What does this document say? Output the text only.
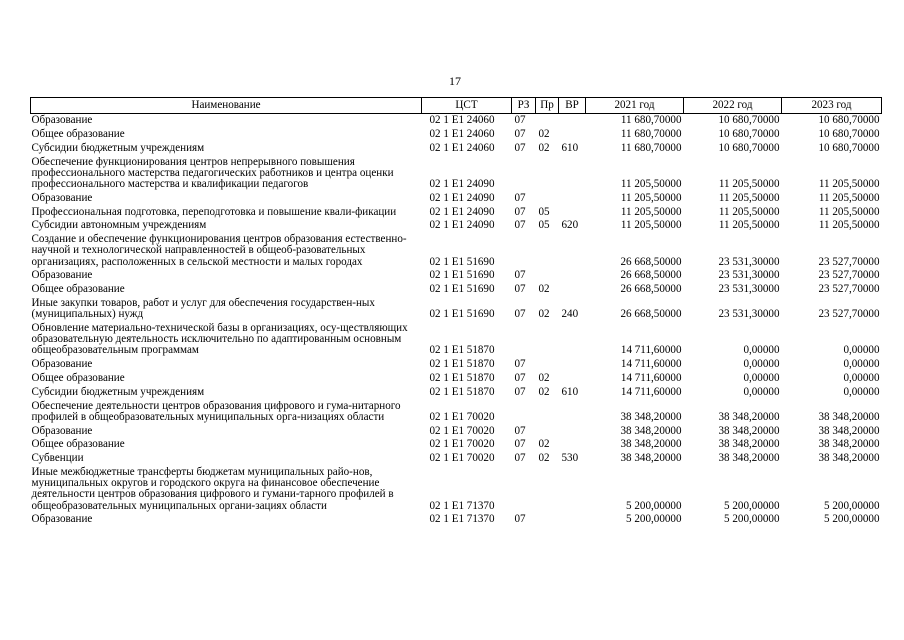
17
Наименование	ЦСТ	РЗ	Пр	ВР	2021 год	2022 год	2023 год
Образование	02 1 E1 24060	07			11 680,70000	10 680,70000	10 680,70000
Общее образование	02 1 E1 24060	07	02		11 680,70000	10 680,70000	10 680,70000
Субсидии бюджетным учреждениям	02 1 E1 24060	07	02	610	11 680,70000	10 680,70000	10 680,70000
Обеспечение функционирования центров непрерывного повышения профессионального мастерства педагогических работников и центра оценки профессионального мастерства и квалификации педагогов	02 1 E1 24090				11 205,50000	11 205,50000	11 205,50000
Образование	02 1 E1 24090	07			11 205,50000	11 205,50000	11 205,50000
Профессиональная подготовка, переподготовка и повышение квали-фикации	02 1 E1 24090	07	05		11 205,50000	11 205,50000	11 205,50000
Субсидии автономным учреждениям	02 1 E1 24090	07	05	620	11 205,50000	11 205,50000	11 205,50000
Создание и обеспечение функционирования центров образования естественно-научной и технологической направленностей в общеоб-разовательных организациях, расположенных в сельской местности и малых городах	02 1 E1 51690				26 668,50000	23 531,30000	23 527,70000
Образование	02 1 E1 51690	07			26 668,50000	23 531,30000	23 527,70000
Общее образование	02 1 E1 51690	07	02		26 668,50000	23 531,30000	23 527,70000
Иные закупки товаров, работ и услуг для обеспечения государствен-ных (муниципальных) нужд	02 1 E1 51690	07	02	240	26 668,50000	23 531,30000	23 527,70000
Обновление материально-технической базы в организациях, осу-ществляющих образовательную деятельность исключительно по адаптированным основным общеобразовательным программам	02 1 E1 51870				14 711,60000	0,00000	0,00000
Образование	02 1 E1 51870	07			14 711,60000	0,00000	0,00000
Общее образование	02 1 E1 51870	07	02		14 711,60000	0,00000	0,00000
Субсидии бюджетным учреждениям	02 1 E1 51870	07	02	610	14 711,60000	0,00000	0,00000
Обеспечение деятельности центров образования цифрового и гума-нитарного профилей в общеобразовательных муниципальных орга-низациях области	02 1 E1 70020				38 348,20000	38 348,20000	38 348,20000
Образование	02 1 E1 70020	07			38 348,20000	38 348,20000	38 348,20000
Общее образование	02 1 E1 70020	07	02		38 348,20000	38 348,20000	38 348,20000
Субвенции	02 1 E1 70020	07	02	530	38 348,20000	38 348,20000	38 348,20000
Иные межбюджетные трансферты бюджетам муниципальных райо-нов, муниципальных округов и городского округа на финансовое обеспечение деятельности центров образования цифрового и гумани-тарного профилей в общеобразовательных муниципальных органи-зациях области	02 1 E1 71370				5 200,00000	5 200,00000	5 200,00000
Образование	02 1 E1 71370	07			5 200,00000	5 200,00000	5 200,00000
